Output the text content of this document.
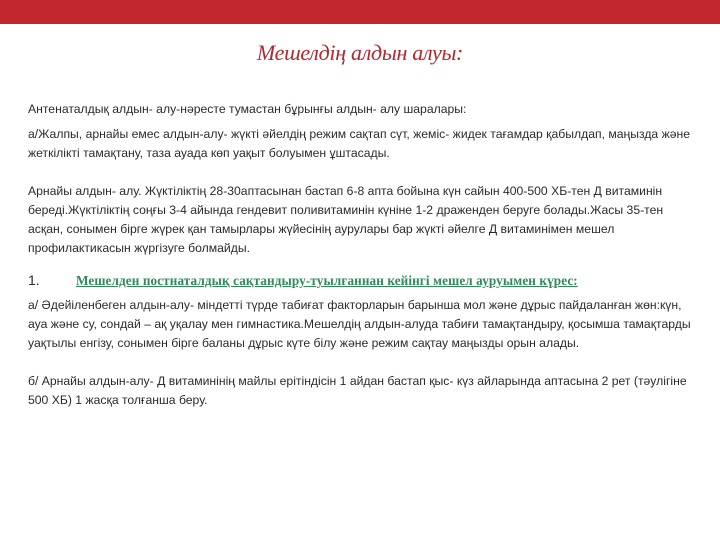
Мешелдің алдын алуы:

Антенаталдық алдын- алу-нәресте тумастан бұрынғы алдын- алу шаралары:

а/Жалпы, арнайы емес алдын-алу- жүкті әйелдің режим сақтап сүт, жеміс- жидек тағамдар қабылдап, маңызда және жеткілікті тамақтану, таза ауада көп уақыт болуымен ұштасады.

Арнайы алдын- алу. Жүктіліктің 28-30аптасынан бастап 6-8 апта бойына күн сайын 400-500 ХБ-тен Д витаминін береді.Жүктіліктің соңғы 3-4 айында гендевит поливитаминін күніне 1-2 драженден беруге болады.Жасы 35-тен асқан, сонымен бірге жүрек қан тамырлары жүйесінің аурулары бар жүкті әйелге Д витаминімен мешел профилактикасын жүргізуге болмайды.

1.	Мешелден постнаталдық сақтандыру-туылғаннан кейінгі мешел ауруымен күрес:

а/ Әдейіленбеген алдын-алу- міндетті түрде табиғат факторларын барынша мол және дұрыс пайдаланған жөн:күн, ауа және су, сондай – ақ уқалау мен гимнастика.Мешелдің алдын-алуда табиғи тамақтандыру, қосымша тамақтарды уақтылы енгізу, сонымен бірге баланы дұрыс күте білу және режим сақтау маңызды орын алады.

б/ Арнайы алдын-алу- Д витаминінің майлы ерітіндісін 1 айдан бастап қыс- күз айларында аптасына 2 рет (тәулігіне 500 ХБ) 1 жасқа толғанша беру.
